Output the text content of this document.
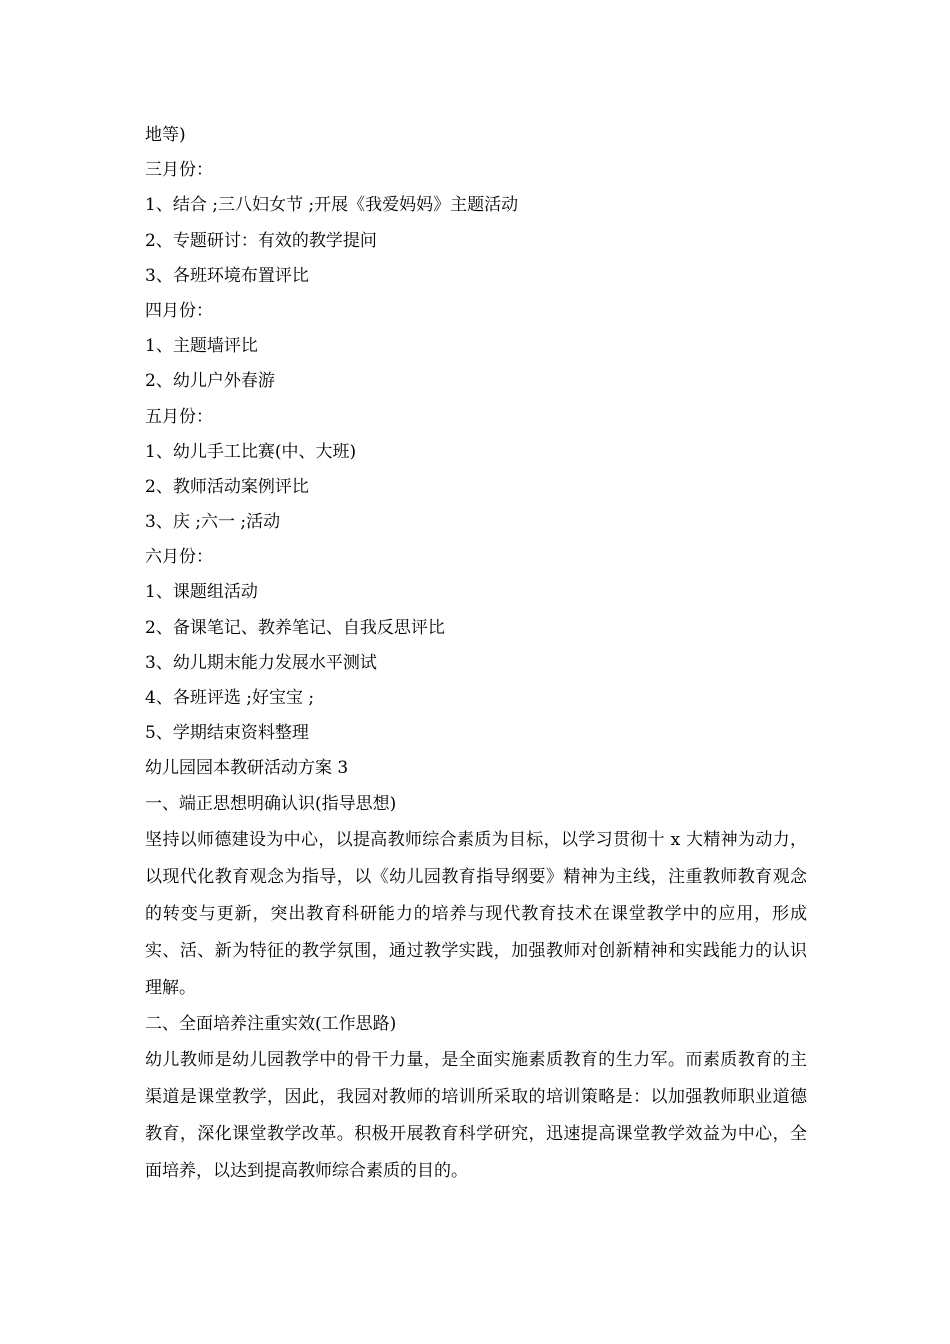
地等)

三月份：

1、结合 ;三八妇女节 ;开展《我爱妈妈》主题活动

2、专题研讨：有效的教学提问

3、各班环境布置评比

四月份：

1、主题墙评比

2、幼儿户外春游

五月份：

1、幼儿手工比赛(中、大班)

2、教师活动案例评比

3、庆 ;六一 ;活动

六月份：

1、课题组活动

2、备课笔记、教养笔记、自我反思评比

3、幼儿期末能力发展水平测试

4、各班评选 ;好宝宝 ;

5、学期结束资料整理

幼儿园园本教研活动方案 3

一、端正思想明确认识(指导思想)

坚持以师德建设为中心，以提高教师综合素质为目标，以学习贯彻十 x 大精神为动力，以现代化教育观念为指导，以《幼儿园教育指导纲要》精神为主线，注重教师教育观念的转变与更新，突出教育科研能力的培养与现代教育技术在课堂教学中的应用，形成实、活、新为特征的教学氛围，通过教学实践，加强教师对创新精神和实践能力的认识理解。

二、全面培养注重实效(工作思路)

幼儿教师是幼儿园教学中的骨干力量，是全面实施素质教育的生力军。而素质教育的主渠道是课堂教学，因此，我园对教师的培训所采取的培训策略是：以加强教师职业道德教育，深化课堂教学改革。积极开展教育科学研究，迅速提高课堂教学效益为中心，全面培养，以达到提高教师综合素质的目的。
